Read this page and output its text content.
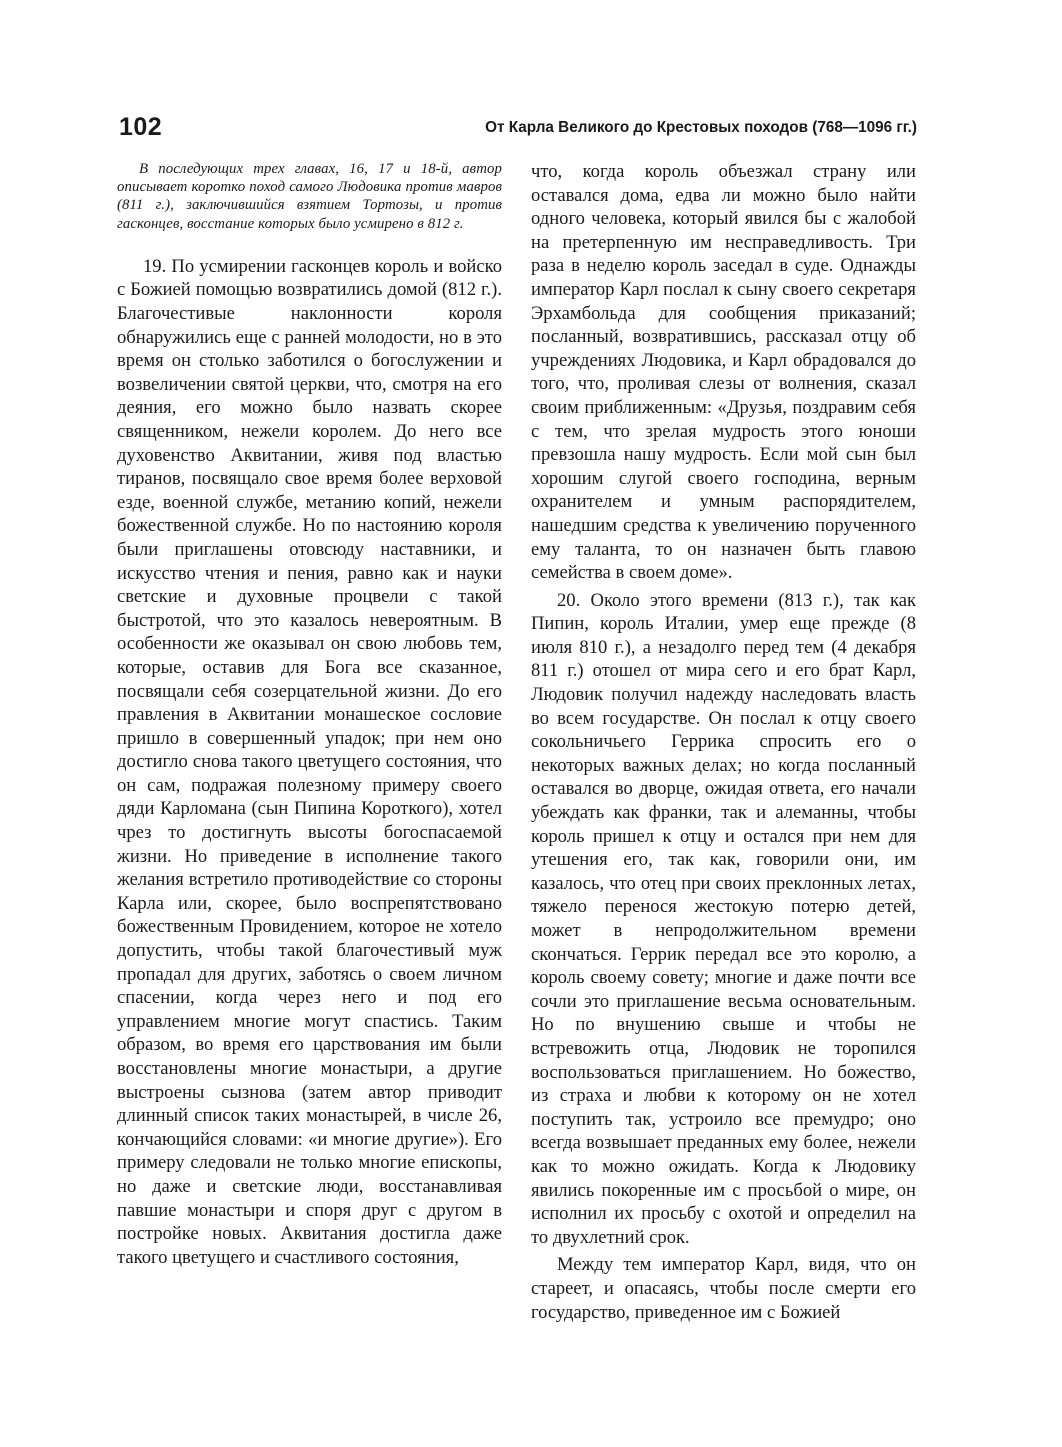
102	От Карла Великого до Крестовых походов (768—1096 гг.)

В последующих трех главах, 16, 17 и 18-й, автор описывает коротко поход самого Людовика против мавров (811 г.), заключившийся взятием Тортозы, и против гасконцев, восстание которых было усмирено в 812 г.

19. По усмирении гасконцев король и войско с Божией помощью возвратились домой (812 г.). Благочестивые наклонности короля обнаружились еще с ранней молодости, но в это время он столько заботился о богослужении и возвеличении святой церкви, что, смотря на его деяния, его можно было назвать скорее священником, нежели королем. До него все духовенство Аквитании, живя под властью тиранов, посвящало свое время более верховой езде, военной службе, метанию копий, нежели божественной службе. Но по настоянию короля были приглашены отовсюду наставники, и искусство чтения и пения, равно как и науки светские и духовные процвели с такой быстротой, что это казалось невероятным. В особенности же оказывал он свою любовь тем, которые, оставив для Бога все сказанное, посвящали себя созерцательной жизни. До его правления в Аквитании монашеское сословие пришло в совершенный упадок; при нем оно достигло снова такого цветущего состояния, что он сам, подражая полезному примеру своего дяди Карломана (сын Пипина Короткого), хотел чрез то достигнуть высоты богоспасаемой жизни. Но приведение в исполнение такого желания встретило противодействие со стороны Карла или, скорее, было воспрепятствовано божественным Провидением, которое не хотело допустить, чтобы такой благочестивый муж пропадал для других, заботясь о своем личном спасении, когда через него и под его управлением многие могут спастись. Таким образом, во время его царствования им были восстановлены многие монастыри, а другие выстроены сызнова (затем автор приводит длинный список таких монастырей, в числе 26, кончающийся словами: «и многие другие»). Его примеру следовали не только многие епископы, но даже и светские люди, восстанавливая павшие монастыри и споря друг с другом в постройке новых. Аквитания достигла даже такого цветущего и счастливого состояния,

что, когда король объезжал страну или оставался дома, едва ли можно было найти одного человека, который явился бы с жалобой на претерпенную им несправедливость. Три раза в неделю король заседал в суде. Однажды император Карл послал к сыну своего секретаря Эрхамбольда для сообщения приказаний; посланный, возвратившись, рассказал отцу об учреждениях Людовика, и Карл обрадовался до того, что, проливая слезы от волнения, сказал своим приближенным: «Друзья, поздравим себя с тем, что зрелая мудрость этого юноши превзошла нашу мудрость. Если мой сын был хорошим слугой своего господина, верным охранителем и умным распорядителем, нашедшим средства к увеличению порученного ему таланта, то он назначен быть главою семейства в своем доме».

20. Около этого времени (813 г.), так как Пипин, король Италии, умер еще прежде (8 июля 810 г.), а незадолго перед тем (4 декабря 811 г.) отошел от мира сего и его брат Карл, Людовик получил надежду наследовать власть во всем государстве. Он послал к отцу своего сокольничьего Геррика спросить его о некоторых важных делах; но когда посланный оставался во дворце, ожидая ответа, его начали убеждать как франки, так и алеманны, чтобы король пришел к отцу и остался при нем для утешения его, так как, говорили они, им казалось, что отец при своих преклонных летах, тяжело перенося жестокую потерю детей, может в непродолжительном времени скончаться. Геррик передал все это королю, а король своему совету; многие и даже почти все сочли это приглашение весьма основательным. Но по внушению свыше и чтобы не встревожить отца, Людовик не торопился воспользоваться приглашением. Но божество, из страха и любви к которому он не хотел поступить так, устроило все премудро; оно всегда возвышает преданных ему более, нежели как то можно ожидать. Когда к Людовику явились покоренные им с просьбой о мире, он исполнил их просьбу с охотой и определил на то двухлетний срок.

Между тем император Карл, видя, что он стареет, и опасаясь, чтобы после смерти его государство, приведенное им с Божией
